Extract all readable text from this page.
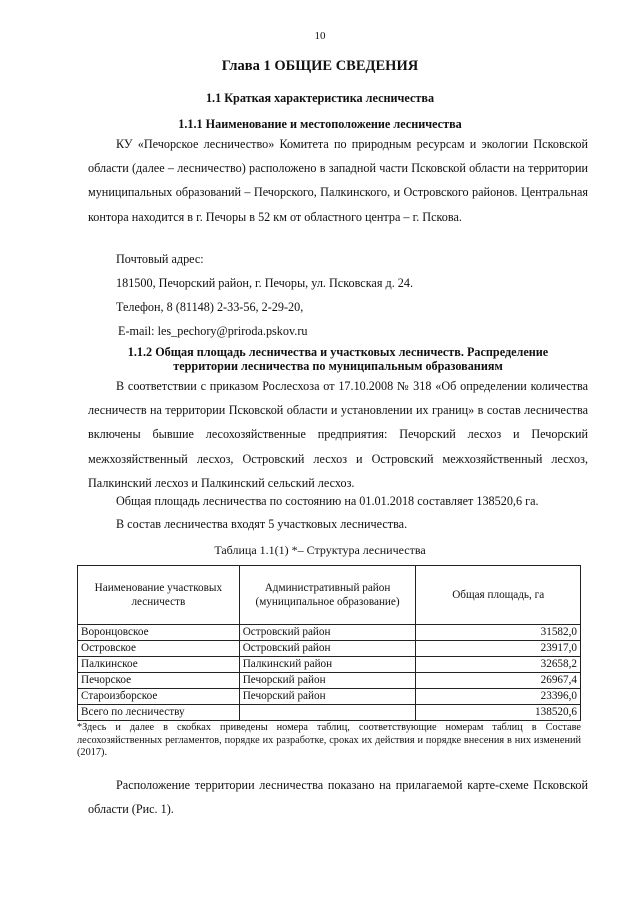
10
Глава 1 ОБЩИЕ СВЕДЕНИЯ
1.1 Краткая характеристика лесничества
1.1.1 Наименование и местоположение лесничества

КУ «Печорское лесничество» Комитета по природным ресурсам и экологии Псковской области (далее – лесничество) расположено в западной части Псковской области на территории муниципальных образований – Печорского, Палкинского, и Островского районов. Центральная контора находится в г. Печоры в 52 км от областного центра – г. Пскова.

Почтовый адрес:
181500, Печорский район, г. Печоры, ул. Псковская д. 24.
Телефон, 8 (81148) 2-33-56, 2-29-20,
E-mail: les_pechory@priroda.pskov.ru
1.1.2 Общая площадь лесничества и участковых лесничеств. Распределение
территории лесничества по муниципальным образованиям

В соответствии с приказом Рослесхоза от 17.10.2008 № 318 «Об определении количества лесничеств на территории Псковской области и установлении их границ» в состав лесничества включены бывшие лесохозяйственные предприятия: Печорский лесхоз и Печорский межхозяйственный лесхоз, Островский лесхоз и Островский межхозяйственный лесхоз, Палкинский лесхоз и Палкинский сельский лесхоз.

Общая площадь лесничества по состоянию на 01.01.2018 составляет 138520,6 га.

В состав лесничества входят 5 участковых лесничества.

Таблица 1.1(1) *– Структура лесничества
Наименование участковых лесничеств	Административный район (муниципальное образование)	Общая площадь, га
Воронцовское	Островский район	31582,0
Островское	Островский район	23917,0
Палкинское	Палкинский район	32658,2
Печорское	Печорский район	26967,4
Староизборское	Печорский район	23396,0
Всего по лесничеству		138520,6

*Здесь и далее в скобках приведены номера таблиц, соответствующие номерам таблиц в Составе лесохозяйственных регламентов, порядке их разработке, сроках их действия и порядке внесения в них изменений (2017).

Расположение территории лесничества показано на прилагаемой карте-схеме Псковской области (Рис. 1).
